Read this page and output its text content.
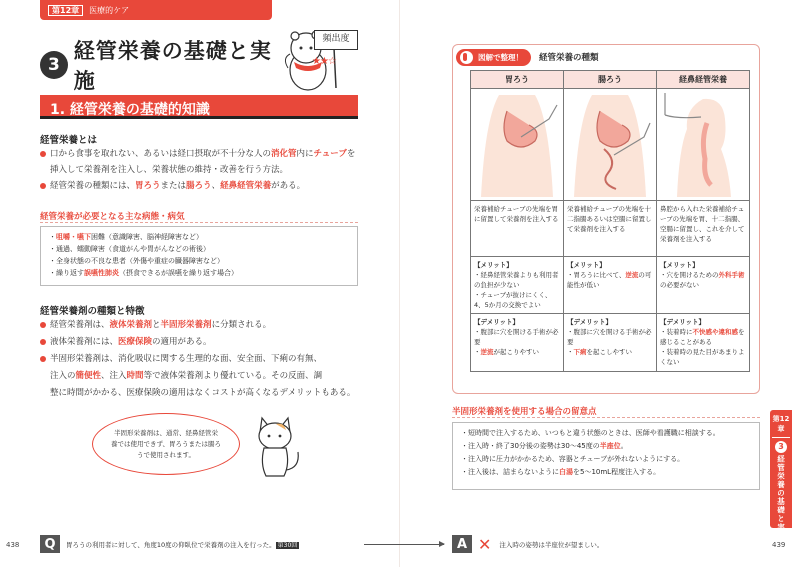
第12章 医療的ケア
3
経管栄養の基礎と実施
頻出度
★★☆
1. 経管栄養の基礎的知識
経管栄養とは
口から食事を取れない、あるいは経口摂取が不十分な人の消化管内にチューブを挿入して栄養剤を注入し、栄養状態の維持・改善を行う方法。
経管栄養の種類には、胃ろうまたは腸ろう、経鼻経管栄養がある。
経管栄養が必要となる主な病態・病気
・咀嚼・嚥下困難（意識障害、脳神経障害など）
・通過、蠕動障害（食道がんや胃がんなどの術後）
・全身状態の不良な患者（外傷や重症の臓器障害など）
・繰り返す誤嚥性肺炎（摂食できるが誤嚥を繰り返す場合）
経管栄養剤の種類と特徴
経管栄養剤は、液体栄養剤と半固形栄養剤に分類される。
液体栄養剤には、医療保険の適用がある。
半固形栄養剤は、消化吸収に関する生理的な面、安全面、下痢の有無、
注入の簡便性、注入時間等で液体栄養剤より優れている。その反面、調
整に時間がかかる、医療保険の適用はなくコストが高くなるデメリットもある。
半固形栄養剤は、通常、経鼻経管栄養では使用できず、胃ろうまたは腸ろうで使用されます。
438	439
図解で整理！	経管栄養の種類
胃ろう	腸ろう	経鼻経管栄養

栄養補給チューブの先端を胃に留置して栄養剤を注入する	栄養補給チューブの先端を十二指腸あるいは空腸に留置して栄養剤を注入する	鼻腔から入れた栄養補給チューブの先端を胃、十二指腸、空腸に留置し、これを介して栄養剤を注入する

【メリット】
・経鼻経管栄養よりも利用者の負担が少ない
・チューブが抜けにくく、4、5か月の交換でよい	【メリット】
・胃ろうに比べて、逆流の可能性が低い	【メリット】
・穴を開けるための外科手術の必要がない

【デメリット】
・腹部に穴を開ける手術が必要
・逆流が起こりやすい	【デメリット】
・腹部に穴を開ける手術が必要
・下痢を起こしやすい	【デメリット】
・装着時に不快感や違和感を感じることがある
・装着時の見た目があまりよくない
半固形栄養剤を使用する場合の留意点
・短時間で注入するため、いつもと違う状態のときは、医師や看護職に相談する。
・注入時・終了30分後の姿勢は30〜45度の半座位。
・注入時に圧力がかかるため、容器とチューブが外れないようにする。
・注入後は、詰まらないように白湯を5〜10mL程度注入する。
第12章
3
経管栄養の基礎と実施
Q	胃ろうの利用者に対して、角度10度の仰臥位で栄養剤の注入を行った。 第30回	A ✕ 注入時の姿勢は半座位が望ましい。
